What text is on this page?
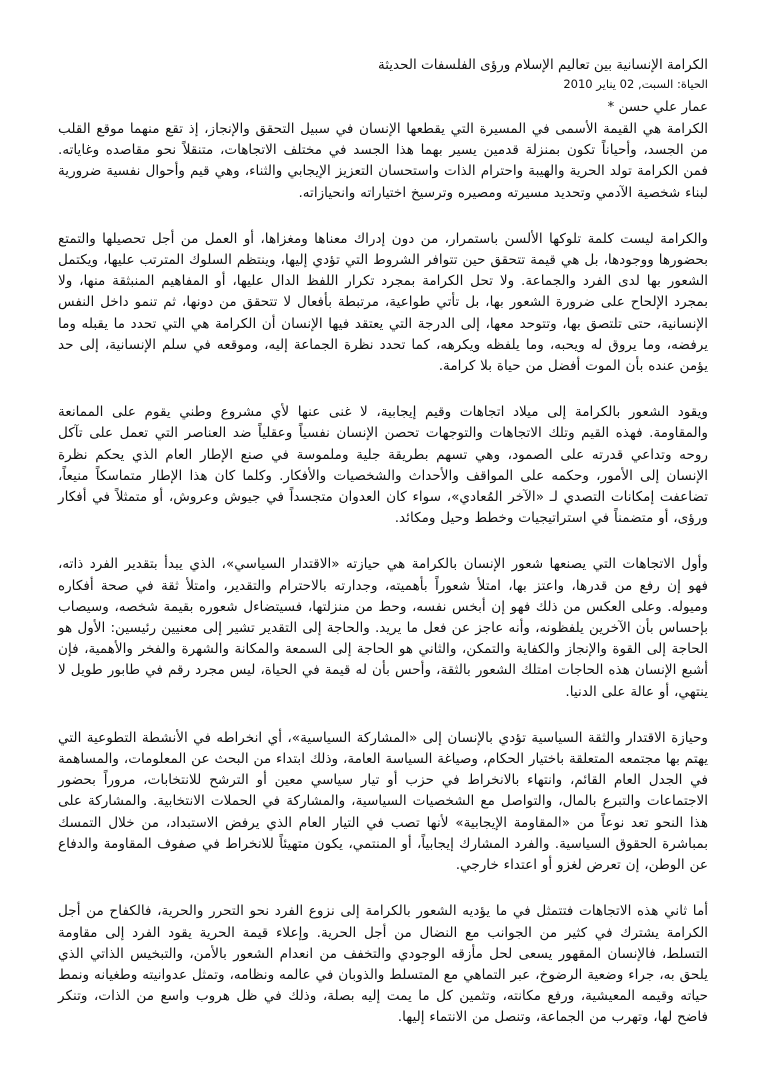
الكرامة الإنسانية بين تعاليم الإسلام ورؤى الفلسفات الحديثة

الحياة: السبت, 02 يناير 2010

عمار علي حسن *

الكرامة هي القيمة الأسمى في المسيرة التي يقطعها الإنسان في سبيل التحقق والإنجاز، إذ تقع منهما موقع القلب من الجسد، وأحياناً تكون بمنزلة قدمين يسير بهما هذا الجسد في مختلف الاتجاهات، متنقلاً نحو مقاصده وغاياته. فمن الكرامة تولد الحرية والهيبة واحترام الذات واستحسان التعزيز الإيجابي والثناء، وهي قيم وأحوال نفسية ضرورية لبناء شخصية الآدمي وتحديد مسيرته ومصيره وترسيخ اختياراته وانحيازاته.

والكرامة ليست كلمة تلوكها الألسن باستمرار، من دون إدراك معناها ومغزاها، أو العمل من أجل تحصيلها والتمتع بحضورها ووجودها، بل هي قيمة تتحقق حين تتوافر الشروط التي تؤدي إليها، وينتظم السلوك المترتب عليها، ويكتمل الشعور بها لدى الفرد والجماعة. ولا تحل الكرامة بمجرد تكرار اللفظ الدال عليها، أو المفاهيم المنبثقة منها، ولا بمجرد الإلحاح على ضرورة الشعور بها، بل تأتي طواعية، مرتبطة بأفعال لا تتحقق من دونها، ثم تنمو داخل النفس الإنسانية، حتى تلتصق بها، وتتوحد معها، إلى الدرجة التي يعتقد فيها الإنسان أن الكرامة هي التي تحدد ما يقبله وما يرفضه، وما يروق له ويحبه، وما يلفظه ويكرهه، كما تحدد نظرة الجماعة إليه، وموقعه في سلم الإنسانية، إلى حد يؤمن عنده بأن الموت أفضل من حياة بلا كرامة.

ويقود الشعور بالكرامة إلى ميلاد اتجاهات وقيم إيجابية، لا غنى عنها لأي مشروع وطني يقوم على الممانعة والمقاومة. فهذه القيم وتلك الاتجاهات والتوجهات تحصن الإنسان نفسياً وعقلياً ضد العناصر التي تعمل على تآكل روحه وتداعي قدرته على الصمود، وهي تسهم بطريقة جلية وملموسة في صنع الإطار العام الذي يحكم نظرة الإنسان إلى الأمور، وحكمه على المواقف والأحداث والشخصيات والأفكار. وكلما كان هذا الإطار متماسكاً منيعاً، تضاعفت إمكانات التصدي لـ «الآخر المُعادي»، سواء كان العدوان متجسداً في جيوش وعروش، أو متمثلاً في أفكار ورؤى، أو متضمناً في استراتيجيات وخطط وحيل ومكائد.

وأول الاتجاهات التي يصنعها شعور الإنسان بالكرامة هي حيازته «الاقتدار السياسي»، الذي يبدأ بتقدير الفرد ذاته، فهو إن رفع من قدرها، واعتز بها، امتلأ شعوراً بأهميته، وجدارته بالاحترام والتقدير، وامتلأ ثقة في صحة أفكاره وميوله. وعلى العكس من ذلك فهو إن أبخس نفسه، وحط من منزلتها، فسيتضاءل شعوره بقيمة شخصه، وسيصاب بإحساس بأن الآخرين يلفظونه، وأنه عاجز عن فعل ما يريد. والحاجة إلى التقدير تشير إلى معنيين رئيسين: الأول هو الحاجة إلى القوة والإنجاز والكفاية والتمكن، والثاني هو الحاجة إلى السمعة والمكانة والشهرة والفخر والأهمية، فإن أشبع الإنسان هذه الحاجات امتلك الشعور بالثقة، وأحس بأن له قيمة في الحياة، ليس مجرد رقم في طابور طويل لا ينتهي، أو عالة على الدنيا.

وحيازة الاقتدار والثقة السياسية تؤدي بالإنسان إلى «المشاركة السياسية»، أي انخراطه في الأنشطة التطوعية التي يهتم بها مجتمعه المتعلقة باختيار الحكام، وصياغة السياسة العامة، وذلك ابتداء من البحث عن المعلومات، والمساهمة في الجدل العام القائم، وانتهاء بالانخراط في حزب أو تيار سياسي معين أو الترشح للانتخابات، مروراً بحضور الاجتماعات والتبرع بالمال، والتواصل مع الشخصيات السياسية، والمشاركة في الحملات الانتخابية. والمشاركة على هذا النحو تعد نوعاً من «المقاومة الإيجابية» لأنها تصب في التيار العام الذي يرفض الاستبداد، من خلال التمسك بمباشرة الحقوق السياسية. والفرد المشارك إيجابياً، أو المنتمي، يكون متهيئاً للانخراط في صفوف المقاومة والدفاع عن الوطن، إن تعرض لغزو أو اعتداء خارجي.

أما ثاني هذه الاتجاهات فتتمثل في ما يؤديه الشعور بالكرامة إلى نزوع الفرد نحو التحرر والحرية، فالكفاح من أجل الكرامة يشترك في كثير من الجوانب مع النضال من أجل الحرية. وإعلاء قيمة الحرية يقود الفرد إلى مقاومة التسلط، فالإنسان المقهور يسعى لحل مأزقه الوجودي والتخفف من انعدام الشعور بالأمن، والتبخيس الذاتي الذي يلحق به، جراء وضعية الرضوخ، عبر التماهي مع المتسلط والذوبان في عالمه ونظامه، وتمثل عدوانيته وطغيانه ونمط حياته وقيمه المعيشية، ورفع مكانته، وتثمين كل ما يمت إليه بصلة، وذلك في ظل هروب واسع من الذات، وتنكر فاضح لها، وتهرب من الجماعة، وتنصل من الانتماء إليها.
